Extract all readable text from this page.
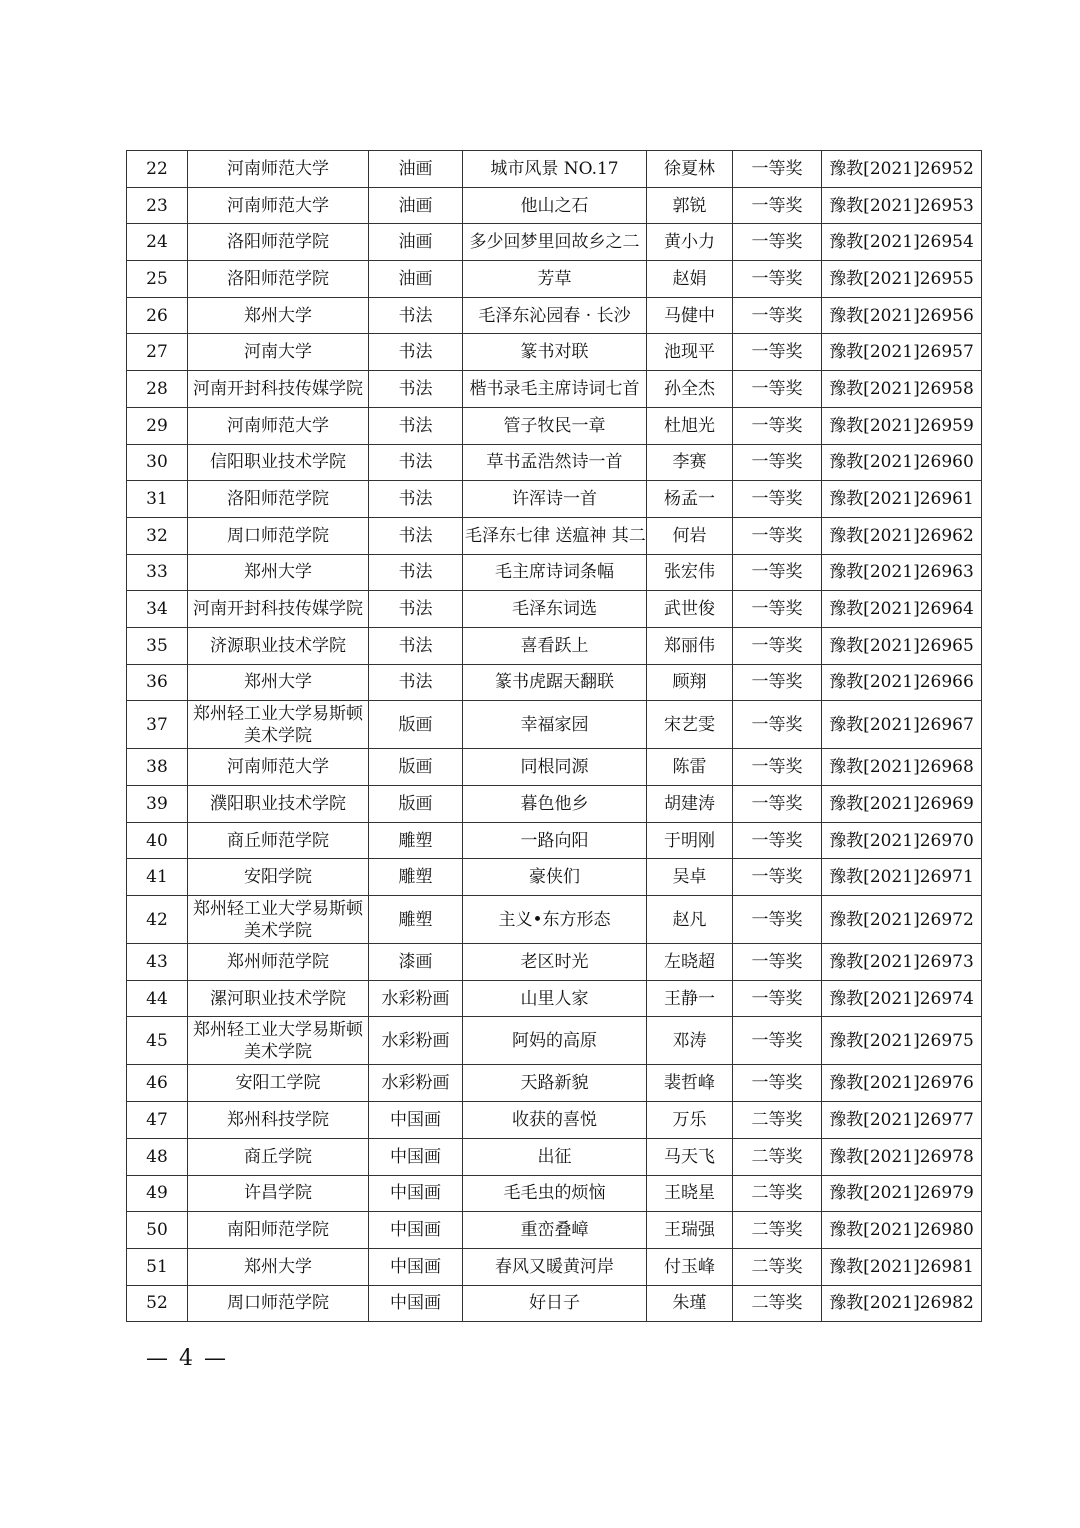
22	河南师范大学	油画	城市风景 NO.17	徐夏林	一等奖	豫教[2021]26952
23	河南师范大学	油画	他山之石	郭锐	一等奖	豫教[2021]26953
24	洛阳师范学院	油画	多少回梦里回故乡之二	黄小力	一等奖	豫教[2021]26954
25	洛阳师范学院	油画	芳草	赵娟	一等奖	豫教[2021]26955
26	郑州大学	书法	毛泽东沁园春 · 长沙	马健中	一等奖	豫教[2021]26956
27	河南大学	书法	篆书对联	池现平	一等奖	豫教[2021]26957
28	河南开封科技传媒学院	书法	楷书录毛主席诗词七首	孙全杰	一等奖	豫教[2021]26958
29	河南师范大学	书法	管子牧民一章	杜旭光	一等奖	豫教[2021]26959
30	信阳职业技术学院	书法	草书孟浩然诗一首	李赛	一等奖	豫教[2021]26960
31	洛阳师范学院	书法	许浑诗一首	杨孟一	一等奖	豫教[2021]26961
32	周口师范学院	书法	毛泽东七律 送瘟神 其二	何岩	一等奖	豫教[2021]26962
33	郑州大学	书法	毛主席诗词条幅	张宏伟	一等奖	豫教[2021]26963
34	河南开封科技传媒学院	书法	毛泽东词选	武世俊	一等奖	豫教[2021]26964
35	济源职业技术学院	书法	喜看跃上	郑丽伟	一等奖	豫教[2021]26965
36	郑州大学	书法	篆书虎踞天翻联	顾翔	一等奖	豫教[2021]26966
37	郑州轻工业大学易斯顿美术学院	版画	幸福家园	宋艺雯	一等奖	豫教[2021]26967
38	河南师范大学	版画	同根同源	陈雷	一等奖	豫教[2021]26968
39	濮阳职业技术学院	版画	暮色他乡	胡建涛	一等奖	豫教[2021]26969
40	商丘师范学院	雕塑	一路向阳	于明刚	一等奖	豫教[2021]26970
41	安阳学院	雕塑	豪侠们	吴卓	一等奖	豫教[2021]26971
42	郑州轻工业大学易斯顿美术学院	雕塑	主义•东方形态	赵凡	一等奖	豫教[2021]26972
43	郑州师范学院	漆画	老区时光	左晓超	一等奖	豫教[2021]26973
44	漯河职业技术学院	水彩粉画	山里人家	王静一	一等奖	豫教[2021]26974
45	郑州轻工业大学易斯顿美术学院	水彩粉画	阿妈的高原	邓涛	一等奖	豫教[2021]26975
46	安阳工学院	水彩粉画	天路新貌	裴哲峰	一等奖	豫教[2021]26976
47	郑州科技学院	中国画	收获的喜悦	万乐	二等奖	豫教[2021]26977
48	商丘学院	中国画	出征	马天飞	二等奖	豫教[2021]26978
49	许昌学院	中国画	毛毛虫的烦恼	王晓星	二等奖	豫教[2021]26979
50	南阳师范学院	中国画	重峦叠嶂	王瑞强	二等奖	豫教[2021]26980
51	郑州大学	中国画	春风又暖黄河岸	付玉峰	二等奖	豫教[2021]26981
52	周口师范学院	中国画	好日子	朱瑾	二等奖	豫教[2021]26982
— 4 —
